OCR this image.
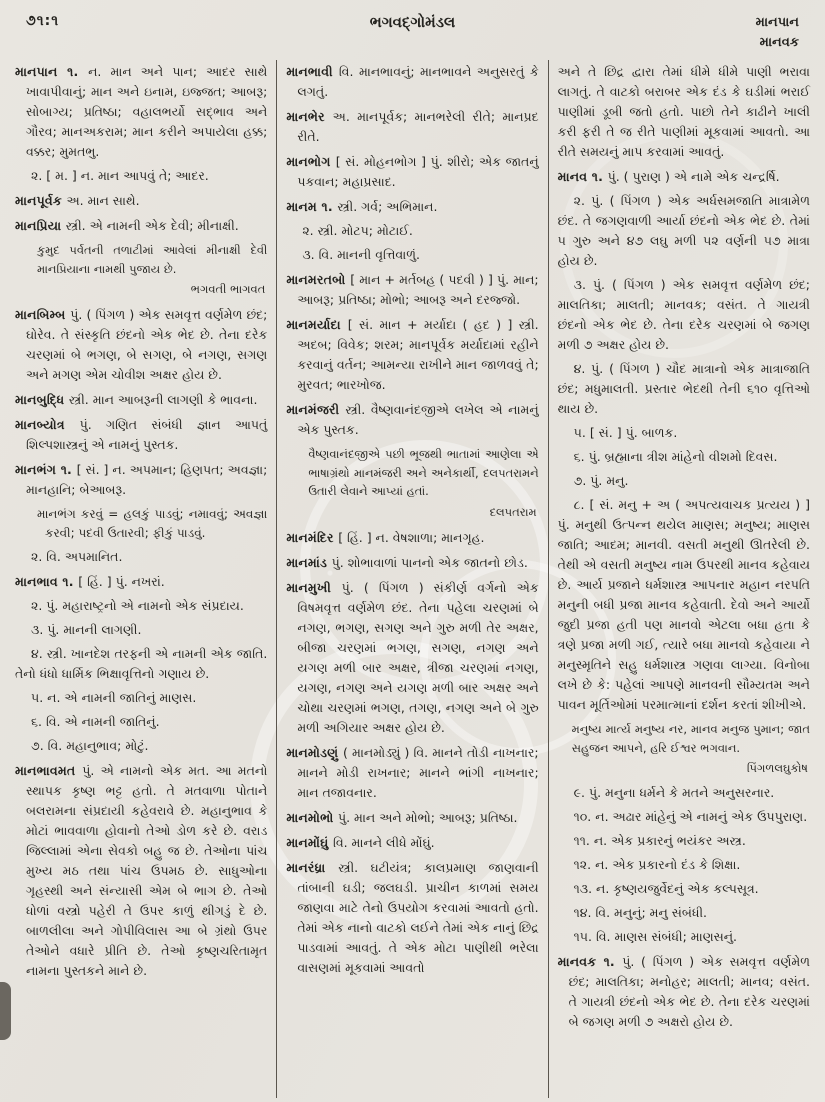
૭૧:૧	ભગવદ્ગોમંડલ	માનપાન
માનવક

માનપાન ૧. ન. માન અને પાન; આદર સાથે ખાવાપીવાનું; માન અને ઇનામ, ઇજ્જત; આબરૂ; સોબાગ્ય; પ્રતિષ્ઠા; વહાલભર્યો સદ્ભાવ અને ગૌરવ; માનઅકરામ; માન કરીને અપાયેલા હક્ક; વક્કર; મુમતભુ.

૨. [ મ. ] ન. માન આપવું તે; આદર.

માનપૂર્વક અ. માન સાથે.

માનપ્રિયા સ્ત્રી. એ નામની એક દેવી; મીનાક્ષી.

કુમુદ પર્વતની તળાટીમાં આવેલાં મીનાક્ષી દેવી માનપ્રિયાના નામથી પુજાય છે.

ભગવતી ભાગવત

માનબિમ્બ પું. ( પિંગળ ) એક સમવૃત્ત વર્ણમેળ છંદ; ઘોરેવ. તે સંસ્કૃતિ છંદનો એક ભેદ છે. તેના દરેક ચરણમાં બે ભગણ, બે સગણ, બે નગણ, સગણ અને મગણ એમ ચોવીશ અક્ષર હોય છે.

માનબુદ્ધિ સ્ત્રી. માન આબરૂની લાગણી કે ભાવના.

માનબ્યોત્ર પું. ગણિત સંબંધી જ્ઞાન આપતું શિલ્પશાસ્ત્રનું એ નામનું પુસ્તક.

માનભંગ ૧. [ સં. ] ન. અપમાન; હિણપત; અવજ્ઞા; માનહાનિ; બેઆબરૂ.

માનભંગ કરવું = હલકું પાડવું; નમાવવું; અવજ્ઞા કરવી; પદવી ઉતારવી; ફીકું પાડવું.

૨. વિ. અપમાનિત.

માનભાવ ૧. [ હિં. ] પું. નખરાં.

૨. પું. મહારાષ્ટ્રનો એ નામનો એક સંપ્રદાય.

૩. પું. માનની લાગણી.

૪. સ્ત્રી. ખાનદેશ તરફની એ નામની એક જાતિ. તેનો ધંધો ધાર્મિક ભિક્ષાવૃત્તિનો ગણાય છે.

૫. ન. એ નામની જાતિનું માણસ.

૬. વિ. એ નામની જાતિનું.

૭. વિ. મહાનુભાવ; મોટું.

માનભાવમત પું. એ નામનો એક મત. આ મતનો સ્થાપક કૃષ્ણ ભટ્ટ હતો. તે મતવાળા પોતાને બલરામના સંપ્રદાયી કહેવરાવે છે. મહાનુભાવ કે મોટાં ભાવવાળા હોવાનો તેઓ ડોળ કરે છે. વરાડ જિલ્લામાં એના સેવકો બહુ જ છે. તેઓના પાંચ મુખ્ય મઠ તથા પાંચ ઉપમઠ છે. સાધુઓના ગૃહસ્થી અને સંન્યાસી એમ બે ભાગ છે. તેઓ ધોળાં વસ્ત્રો પહેરી તે ઉપર કાળું થીગડું દે છે. બાળલીલા અને ગોપીવિલાસ આ બે ગ્રંથો ઉપર તેઓને વધારે પ્રીતિ છે. તેઓ કૃષ્ણચરિતામૃત નામના પુસ્તકને માને છે.

માનભાવી વિ. માનભાવનું; માનભાવને અનુસરતું કે લગતું.

માનભેર અ. માનપૂર્વક; માનભરેલી રીતે; માનપ્રદ રીતે.

માનભોગ [ સં. મોહનભોગ ] પું. શીરો; એક જાતનું પકવાન; મહાપ્રસાદ.

માનમ ૧. સ્ત્રી. ગર્વ; અભિમાન.

૨. સ્ત્રી. મોટપ; મોટાઈ.

૩. વિ. માનની વૃત્તિવાળું.

માનમરતબો [ માન + મર્તબહ ( પદવી ) ] પું. માન; આબરૂ; પ્રતિષ્ઠા; મોભો; આબરૂ અને દરજ્જો.

માનમર્યાદા [ સં. માન + મર્યાદા ( હદ ) ] સ્ત્રી. અદબ; વિવેક; શરમ; માનપૂર્વક મર્યાદામાં રહીને કરવાનું વર્તન; આમન્યા રાખીને માન જાળવવું તે; મુરવત; ભારખોજ.

માનમંજરી સ્ત્રી. વૈષ્ણવાનંદજીએ લખેલ એ નામનું એક પુસ્તક.

વૈષ્ણવાનંદજીએ પછી ભૂજથી ભાતામાં આણેલા એ ભાષાગ્રંથો માનમંજરી અને અનેકાર્થી, દલપતરામને ઉતારી લેવાને આપ્યાં હતાં.

દલપતરામ

માનમંદિર [ હિં. ] ન. વેષશાળા; માનગૃહ.

માનમાંડ પું. શોભાવાળાં પાનનો એક જાતનો છોડ.

માનમુખી પું. ( પિંગળ ) સંકીર્ણ વર્ગનો એક વિષમવૃત્ત વર્ણમેળ છંદ. તેના પહેલા ચરણમાં બે નગણ, ભગણ, સગણ અને ગુરુ મળી તેર અક્ષર, બીજા ચરણમાં ભગણ, સગણ, નગણ અને યગણ મળી બાર અક્ષર, ત્રીજા ચરણમાં નગણ, યગણ, નગણ અને યગણ મળી બાર અક્ષર અને ચોથા ચરણમાં ભગણ, તગણ, નગણ અને બે ગુરુ મળી અગિયાર અક્ષર હોય છે.

માનમોડણું ( માનમોડ્યું ) વિ. માનને તોડી નાખનાર; માનને મોડી રાખનાર; માનને ભાંગી નાખનાર; માન તજાવનાર.

માનમોભો પું. માન અને મોભો; આબરૂ; પ્રતિષ્ઠા.

માનમોંઘું વિ. માનને લીધે મોંઘું.

માનરંધ્રા સ્ત્રી. ઘટીયંત્ર; કાલપ્રમાણ જાણવાની તાંબાની ઘડી; જલઘડી. પ્રાચીન કાળમાં સમય જાણવા માટે તેનો ઉપયોગ કરવામાં આવતો હતો. તેમાં એક નાનો વાટકો લઈને તેમાં એક નાનું છિદ્ર પાડવામાં આવતું. તે એક મોટા પાણીથી ભરેલા વાસણમાં મૂકવામાં આવતો

અને તે છિદ્ર દ્વારા તેમાં ધીમે ધીમે પાણી ભરાવા લાગતું. તે વાટકો બરાબર એક દંડ કે ઘડીમાં ભરાઈ પાણીમાં ડૂબી જતો હતો. પાછો તેને કાઢીને ખાલી કરી ફરી તે જ રીતે પાણીમાં મૂકવામાં આવતો. આ રીતે સમયનું માપ કરવામાં આવતું.

માનવ ૧. પું. ( પુરાણ ) એ નામે એક ચન્દ્રર્ષિ.

૨. પું. ( પિંગળ ) એક અર્ધસમજાતિ માત્રામેળ છંદ. તે જગણવાળી આર્યા છંદનો એક ભેદ છે. તેમાં ૫ ગુરુ અને ૪૭ લઘુ મળી ૫૨ વર્ણની ૫૭ માત્રા હોય છે.

૩. પું. ( પિંગળ ) એક સમવૃત્ત વર્ણમેળ છંદ; માલતિકા; માલતી; માનવક; વસંત. તે ગાયત્રી છંદનો એક ભેદ છે. તેના દરેક ચરણમાં બે જગણ મળી ૭ અક્ષર હોય છે.

૪. પું. ( પિંગળ ) ચૌદ માત્રાનો એક માત્રાજાતિ છંદ; મધુમાલતી. પ્રસ્તાર ભેદથી તેની ૬૧૦ વૃત્તિઓ થાય છે.

૫. [ સં. ] પું. બાળક.

૬. પું. બ્રહ્માના ત્રીશ માંહેનો વીશમો દિવસ.

૭. પું. મનુ.

૮. [ સં. મનુ + અ ( અપત્યવાચક પ્રત્યય ) ] પું. મનુથી ઉત્પન્ન થયેલ માણસ; મનુષ્ય; માણસ જાતિ; આદમ; માનવી. વસતી મનુથી ઊતરેલી છે. તેથી એ વસતી મનુષ્ય નામ ઉપરથી માનવ કહેવાય છે. આર્ય પ્રજાને ધર્મશાસ્ત્ર આપનાર મહાન નરપતિ મનુની બધી પ્રજા માનવ કહેવાતી. દેવો અને આર્યો જુદી પ્રજા હતી પણ માનવો એટલા બધા હતા કે ત્રણે પ્રજા મળી ગઈ, ત્યારે બધા માનવો કહેવાયા ને મનુસ્મૃતિને સહુ ધર્મશાસ્ત્ર ગણવા લાગ્યા. વિનોબા લખે છે કે: પહેલાં આપણે માનવની સૌમ્યતમ અને પાવન મૂર્તિઓમાં પરમાત્માનાં દર્શન કરતાં શીખીએ.

મનુષ્ય માર્ત્ય મનુષ્ય નર, માનવ મનુજ પુમાન; જાત સહુજન આપને, હરિ ઈશ્વર ભગવાન.

પિંગળલઘુકોષ

૯. પું. મનુના ધર્મને કે મતને અનુસરનાર.

૧૦. ન. અઢાર માંહેનું એ નામનું એક ઉપપુરાણ.

૧૧. ન. એક પ્રકારનું ભયંકર અસ્ત્ર.

૧૨. ન. એક પ્રકારનો દંડ કે શિક્ષા.

૧૩. ન. કૃષ્ણયજુર્વેદનું એક કલ્પસૂત્ર.

૧૪. વિ. મનુનું; મનુ સંબંધી.

૧૫. વિ. માણસ સંબંધી; માણસનું.

માનવક ૧. પું. ( પિંગળ ) એક સમવૃત્ત વર્ણમેળ છંદ; માલતિકા; મનોહર; માલતી; માનવ; વસંત. તે ગાયત્રી છંદનો એક ભેદ છે. તેના દરેક ચરણમાં બે જગણ મળી ૭ અક્ષરો હોય છે.
